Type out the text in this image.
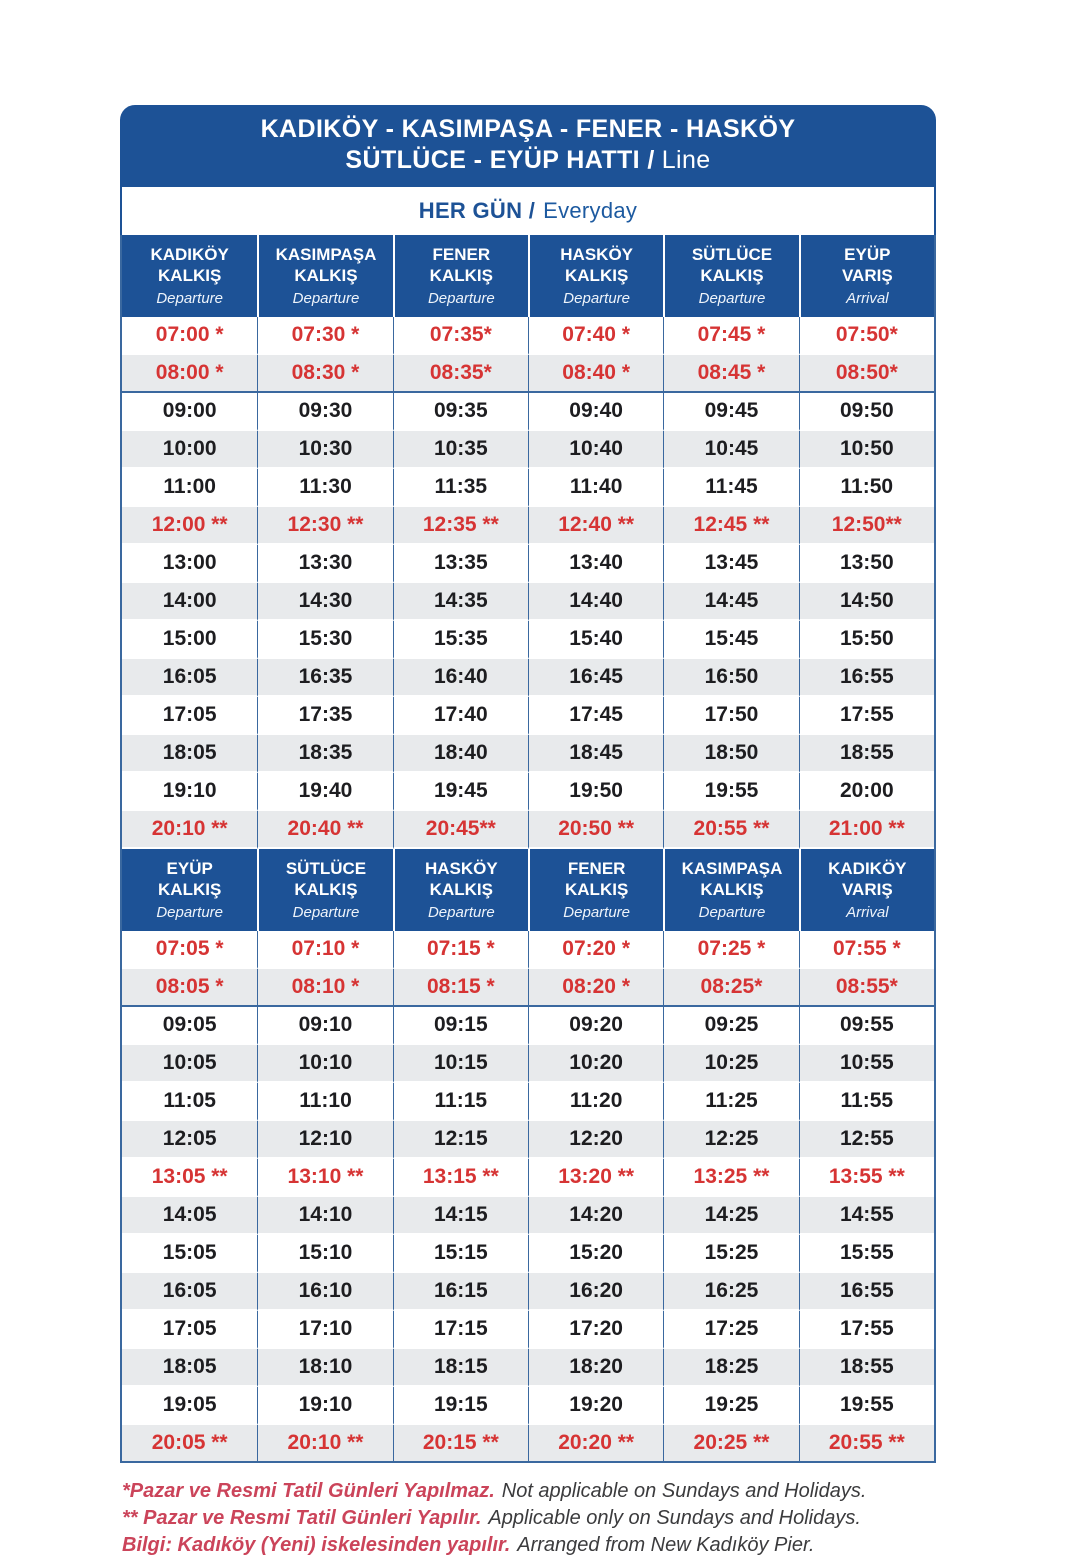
KADIKÖY - KASIMPAŞA - FENER - HASKÖY
SÜTLÜCE - EYÜP HATTI / Line
HER GÜN / Everyday
KADIKÖY
KALKIŞ
Departure	KASIMPAŞA
KALKIŞ
Departure	FENER
KALKIŞ
Departure	HASKÖY
KALKIŞ
Departure	SÜTLÜCE
KALKIŞ
Departure	EYÜP
VARIŞ
Arrival

07:00 *	07:30 *	07:35*	07:40 *	07:45 *	07:50*
08:00 *	08:30 *	08:35*	08:40 *	08:45 *	08:50*
09:00	09:30	09:35	09:40	09:45	09:50
10:00	10:30	10:35	10:40	10:45	10:50
11:00	11:30	11:35	11:40	11:45	11:50
12:00 **	12:30 **	12:35 **	12:40 **	12:45 **	12:50**
13:00	13:30	13:35	13:40	13:45	13:50
14:00	14:30	14:35	14:40	14:45	14:50
15:00	15:30	15:35	15:40	15:45	15:50
16:05	16:35	16:40	16:45	16:50	16:55
17:05	17:35	17:40	17:45	17:50	17:55
18:05	18:35	18:40	18:45	18:50	18:55
19:10	19:40	19:45	19:50	19:55	20:00
20:10 **	20:40 **	20:45**	20:50 **	20:55 **	21:00 **
EYÜP
KALKIŞ
Departure	SÜTLÜCE
KALKIŞ
Departure	HASKÖY
KALKIŞ
Departure	FENER
KALKIŞ
Departure	KASIMPAŞA
KALKIŞ
Departure	KADIKÖY
VARIŞ
Arrival

07:05 *	07:10 *	07:15 *	07:20 *	07:25 *	07:55 *
08:05 *	08:10 *	08:15 *	08:20 *	08:25*	08:55*
09:05	09:10	09:15	09:20	09:25	09:55
10:05	10:10	10:15	10:20	10:25	10:55
11:05	11:10	11:15	11:20	11:25	11:55
12:05	12:10	12:15	12:20	12:25	12:55
13:05 **	13:10 **	13:15 **	13:20 **	13:25 **	13:55 **
14:05	14:10	14:15	14:20	14:25	14:55
15:05	15:10	15:15	15:20	15:25	15:55
16:05	16:10	16:15	16:20	16:25	16:55
17:05	17:10	17:15	17:20	17:25	17:55
18:05	18:10	18:15	18:20	18:25	18:55
19:05	19:10	19:15	19:20	19:25	19:55
20:05 **	20:10 **	20:15 **	20:20 **	20:25 **	20:55 **
*Pazar ve Resmi Tatil Günleri Yapılmaz. Not applicable on Sundays and Holidays.
** Pazar ve Resmi Tatil Günleri Yapılır. Applicable only on Sundays and Holidays.
Bilgi: Kadıköy (Yeni) iskelesinden yapılır. Arranged from New Kadıköy Pier.
